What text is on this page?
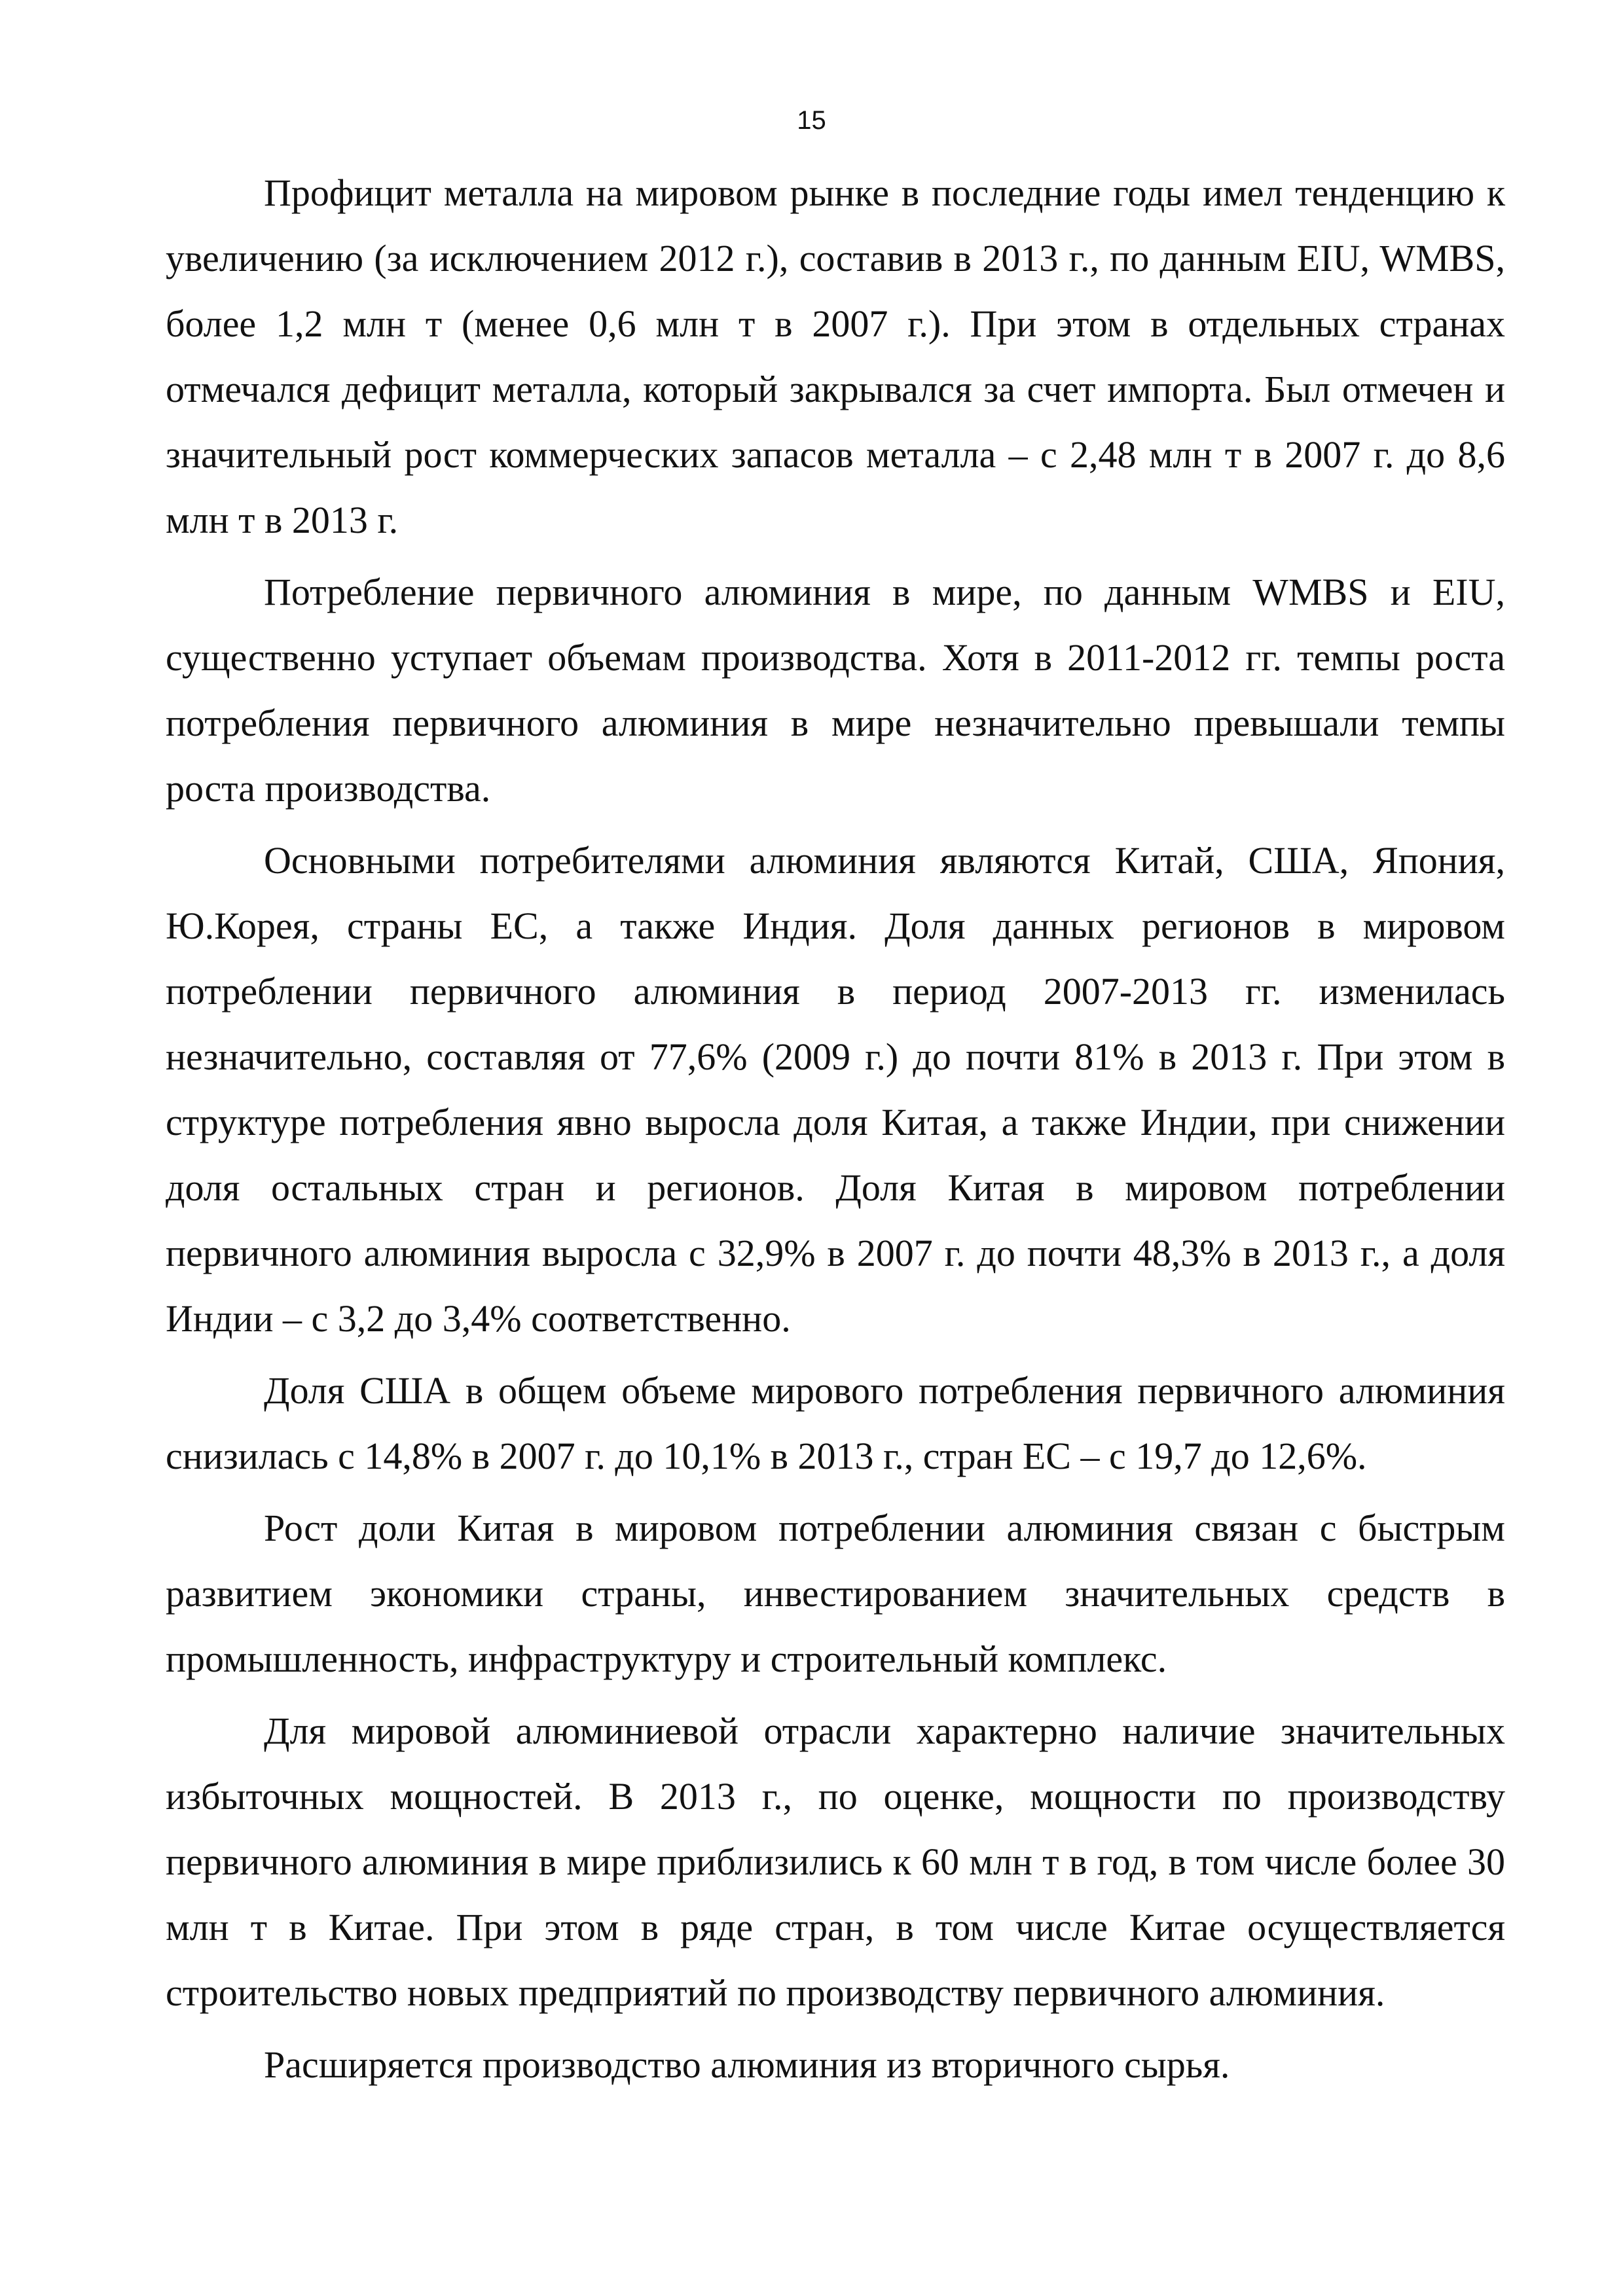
15

Профицит металла на мировом рынке в последние годы имел тенденцию к увеличению (за исключением 2012 г.), составив в 2013 г., по данным EIU, WMBS, более 1,2 млн т (менее 0,6 млн т в 2007 г.). При этом в отдельных странах отмечался дефицит металла, который закрывался за счет импорта. Был отмечен и значительный рост коммерческих запасов металла – с 2,48 млн т в 2007 г. до 8,6 млн т в 2013 г.

Потребление первичного алюминия в мире, по данным WMBS и EIU, существенно уступает объемам производства. Хотя в 2011-2012 гг. темпы роста потребления первичного алюминия в мире незначительно превышали темпы роста производства.

Основными потребителями алюминия являются Китай, США, Япония, Ю.Корея, страны ЕС, а также Индия. Доля данных регионов в мировом потреблении первичного алюминия в период 2007-2013 гг. изменилась незначительно, составляя от 77,6% (2009 г.) до почти 81% в 2013 г. При этом в структуре потребления явно выросла доля Китая, а также Индии, при снижении доля остальных стран и регионов. Доля Китая в мировом потреблении первичного алюминия выросла с 32,9% в 2007 г. до почти 48,3% в 2013 г., а доля Индии – с 3,2 до 3,4% соответственно.

Доля США в общем объеме мирового потребления первичного алюминия снизилась с 14,8% в 2007 г. до 10,1% в 2013 г., стран ЕС – с 19,7 до 12,6%.

Рост доли Китая в мировом потреблении алюминия связан с быстрым развитием экономики страны, инвестированием значительных средств в промышленность, инфраструктуру и строительный комплекс.

Для мировой алюминиевой отрасли характерно наличие значительных избыточных мощностей. В 2013 г., по оценке, мощности по производству первичного алюминия в мире приблизились к 60 млн т в год, в том числе более 30 млн т в Китае. При этом в ряде стран, в том числе Китае осуществляется строительство новых предприятий по производству первичного алюминия.

Расширяется производство алюминия из вторичного сырья.
